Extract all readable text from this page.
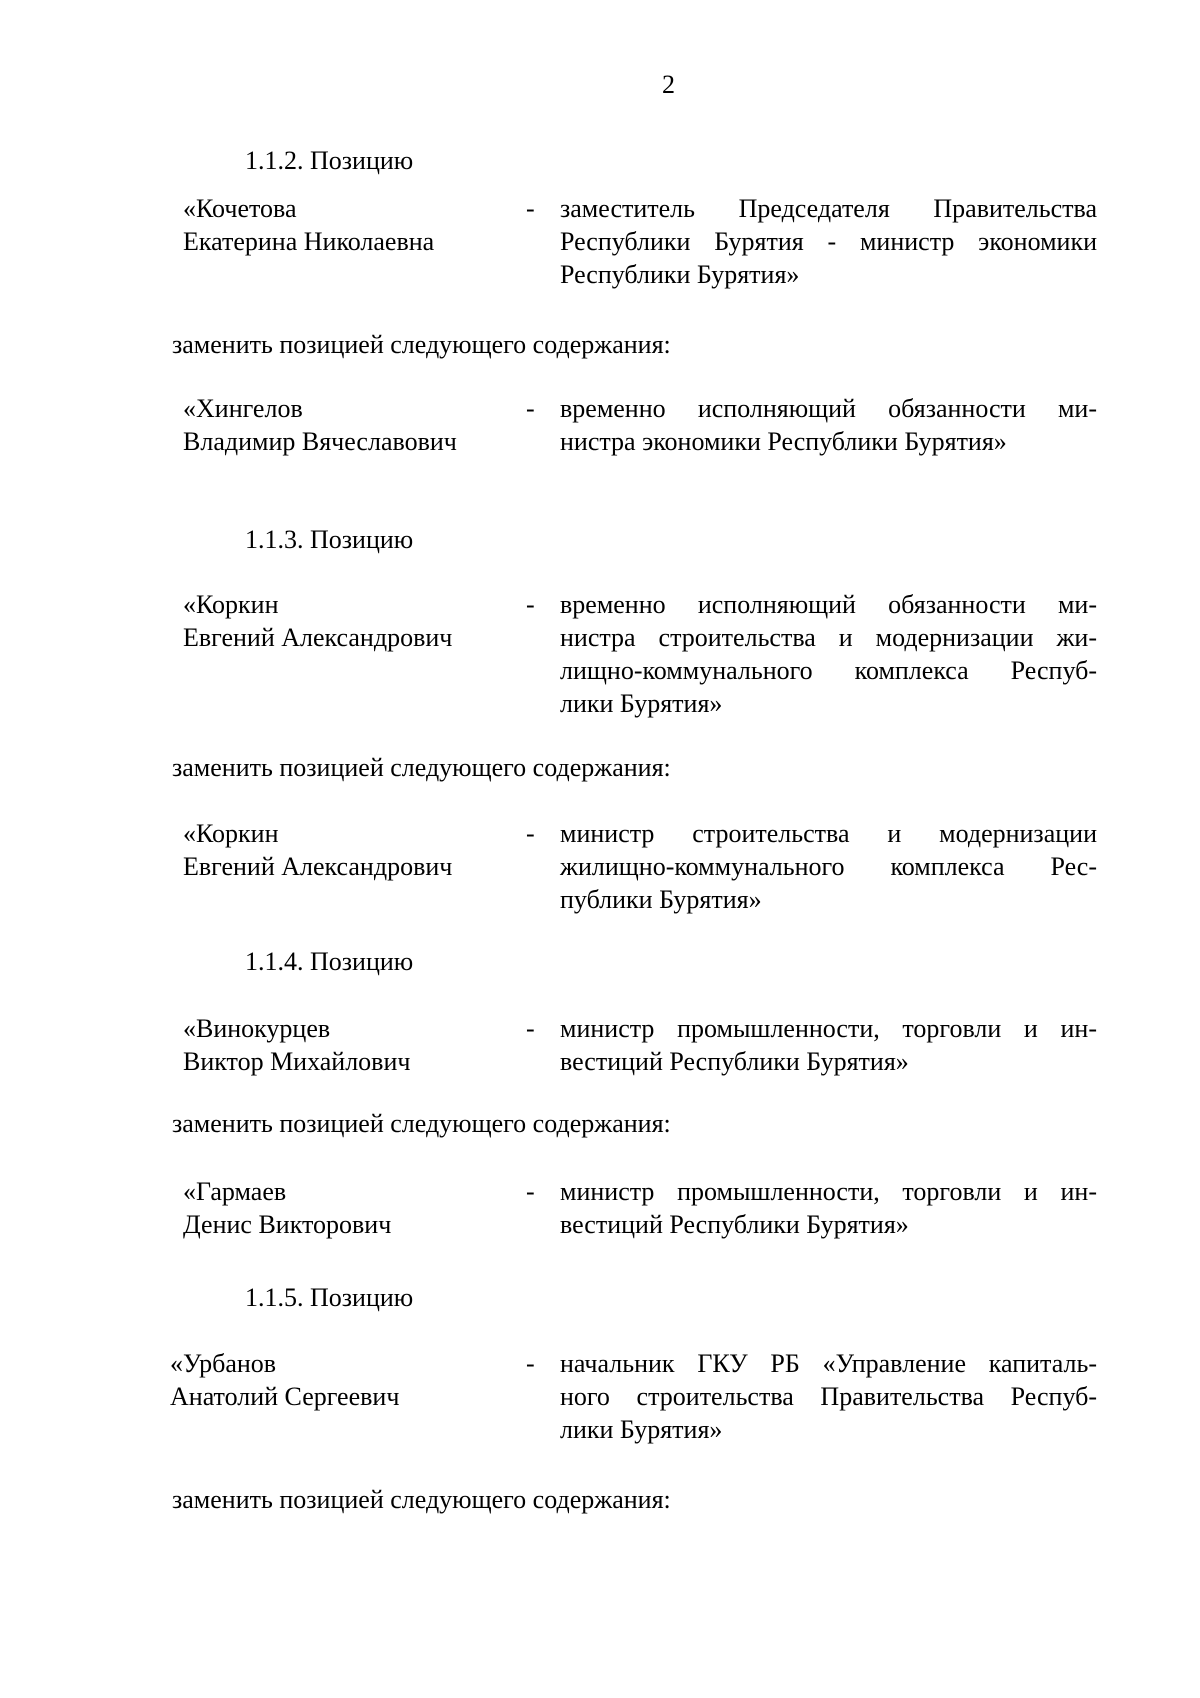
2
1.1.2. Позицию
«Кочетова
Екатерина Николаевна
- заместитель Председателя Правительства
Республики Бурятия - министр экономики
Республики Бурятия»
заменить позицией следующего содержания:
«Хингелов
Владимир Вячеславович
- временно исполняющий обязанности ми-
нистра экономики Республики Бурятия»
1.1.3. Позицию
«Коркин
Евгений Александрович
- временно исполняющий обязанности ми-
нистра строительства и модернизации жи-
лищно-коммунального комплекса Респуб-
лики Бурятия»
заменить позицией следующего содержания:
«Коркин
Евгений Александрович
- министр строительства и модернизации
жилищно-коммунального комплекса Рес-
публики Бурятия»
1.1.4. Позицию
«Винокурцев
Виктор Михайлович
- министр промышленности, торговли и ин-
вестиций Республики Бурятия»
заменить позицией следующего содержания:
«Гармаев
Денис Викторович
- министр промышленности, торговли и ин-
вестиций Республики Бурятия»
1.1.5. Позицию
«Урбанов
Анатолий Сергеевич
- начальник ГКУ РБ «Управление капиталь-
ного строительства Правительства Респуб-
лики Бурятия»
заменить позицией следующего содержания:
